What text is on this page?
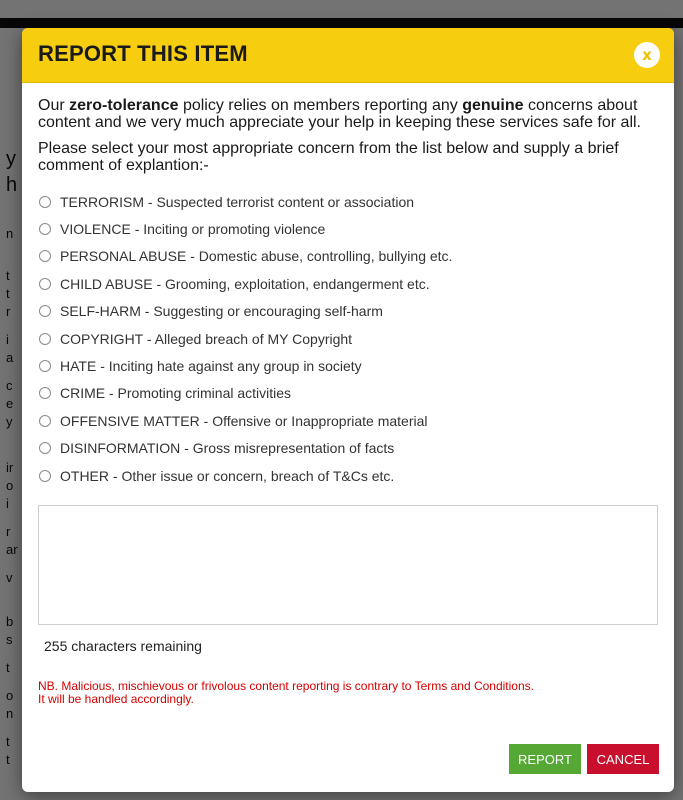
REPORT THIS ITEM	x

Our zero-tolerance policy relies on members reporting any genuine concerns about content and we very much appreciate your help in keeping these services safe for all.

Please select your most appropriate concern from the list below and supply a brief comment of explantion:-

TERRORISM - Suspected terrorist content or association
VIOLENCE - Inciting or promoting violence
PERSONAL ABUSE - Domestic abuse, controlling, bullying etc.
CHILD ABUSE - Grooming, exploitation, endangerment etc.
SELF-HARM - Suggesting or encouraging self-harm
COPYRIGHT - Alleged breach of MY Copyright
HATE - Inciting hate against any group in society
CRIME - Promoting criminal activities
OFFENSIVE MATTER - Offensive or Inappropriate material
DISINFORMATION - Gross misrepresentation of facts
OTHER - Other issue or concern, breach of T&Cs etc.
255 characters remaining
NB. Malicious, mischievous or frivolous content reporting is contrary to Terms and Conditions.
It will be handled accordingly.
REPORT	CANCEL
